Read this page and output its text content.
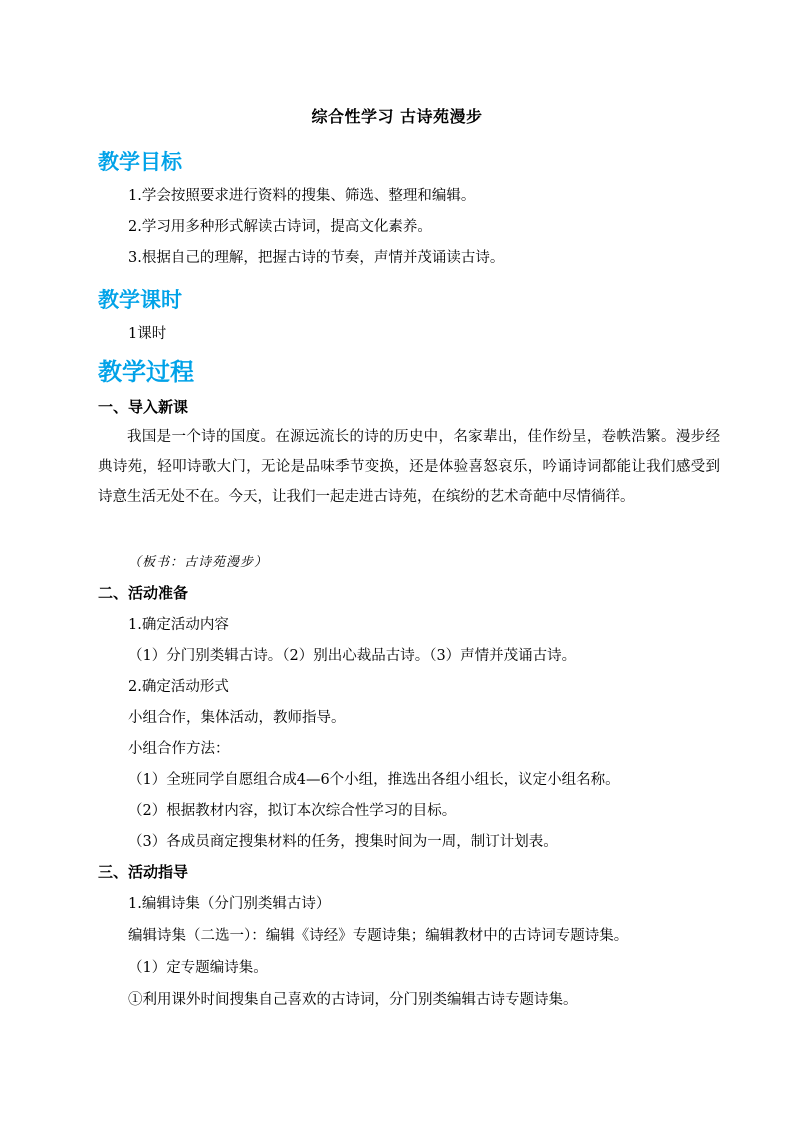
综合性学习 古诗苑漫步
教学目标
1.学会按照要求进行资料的搜集、筛选、整理和编辑。
2.学习用多种形式解读古诗词，提高文化素养。
3.根据自己的理解，把握古诗的节奏，声情并茂诵读古诗。
教学课时
1课时
教学过程
一、导入新课
我国是一个诗的国度。在源远流长的诗的历史中，名家辈出，佳作纷呈，卷帙浩繁。漫步经典诗苑，轻叩诗歌大门，无论是品味季节变换，还是体验喜怒哀乐，吟诵诗词都能让我们感受到诗意生活无处不在。今天，让我们一起走进古诗苑，在缤纷的艺术奇葩中尽情徜徉。
（板书：古诗苑漫步）
二、活动准备
1.确定活动内容
（1）分门别类辑古诗。（2）别出心裁品古诗。（3）声情并茂诵古诗。
2.确定活动形式
小组合作，集体活动，教师指导。
小组合作方法：
（1）全班同学自愿组合成4—6个小组，推选出各组小组长，议定小组名称。
（2）根据教材内容，拟订本次综合性学习的目标。
（3）各成员商定搜集材料的任务，搜集时间为一周，制订计划表。
三、活动指导
1.编辑诗集（分门别类辑古诗）
编辑诗集（二选一）：编辑《诗经》专题诗集；编辑教材中的古诗词专题诗集。
（1）定专题编诗集。
①利用课外时间搜集自己喜欢的古诗词，分门别类编辑古诗专题诗集。
